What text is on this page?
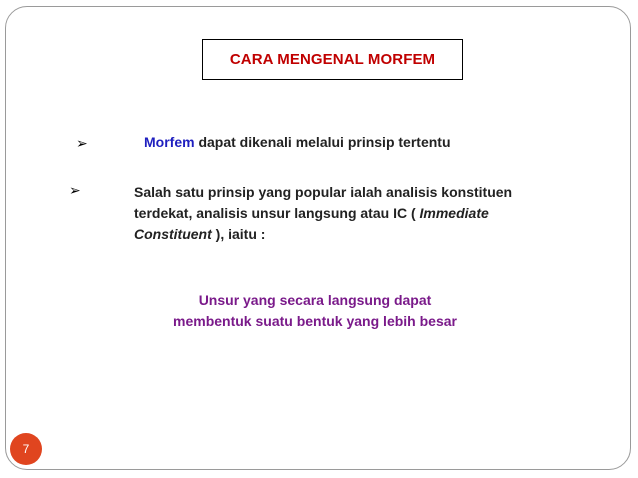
CARA MENGENAL MORFEM
➢	Morfem dapat dikenali melalui prinsip tertentu
➢	Salah satu prinsip yang popular ialah analisis konstituen
terdekat, analisis unsur langsung atau IC ( Immediate
Constituent ), iaitu :
Unsur yang secara langsung dapat
membentuk suatu bentuk yang lebih besar
7
